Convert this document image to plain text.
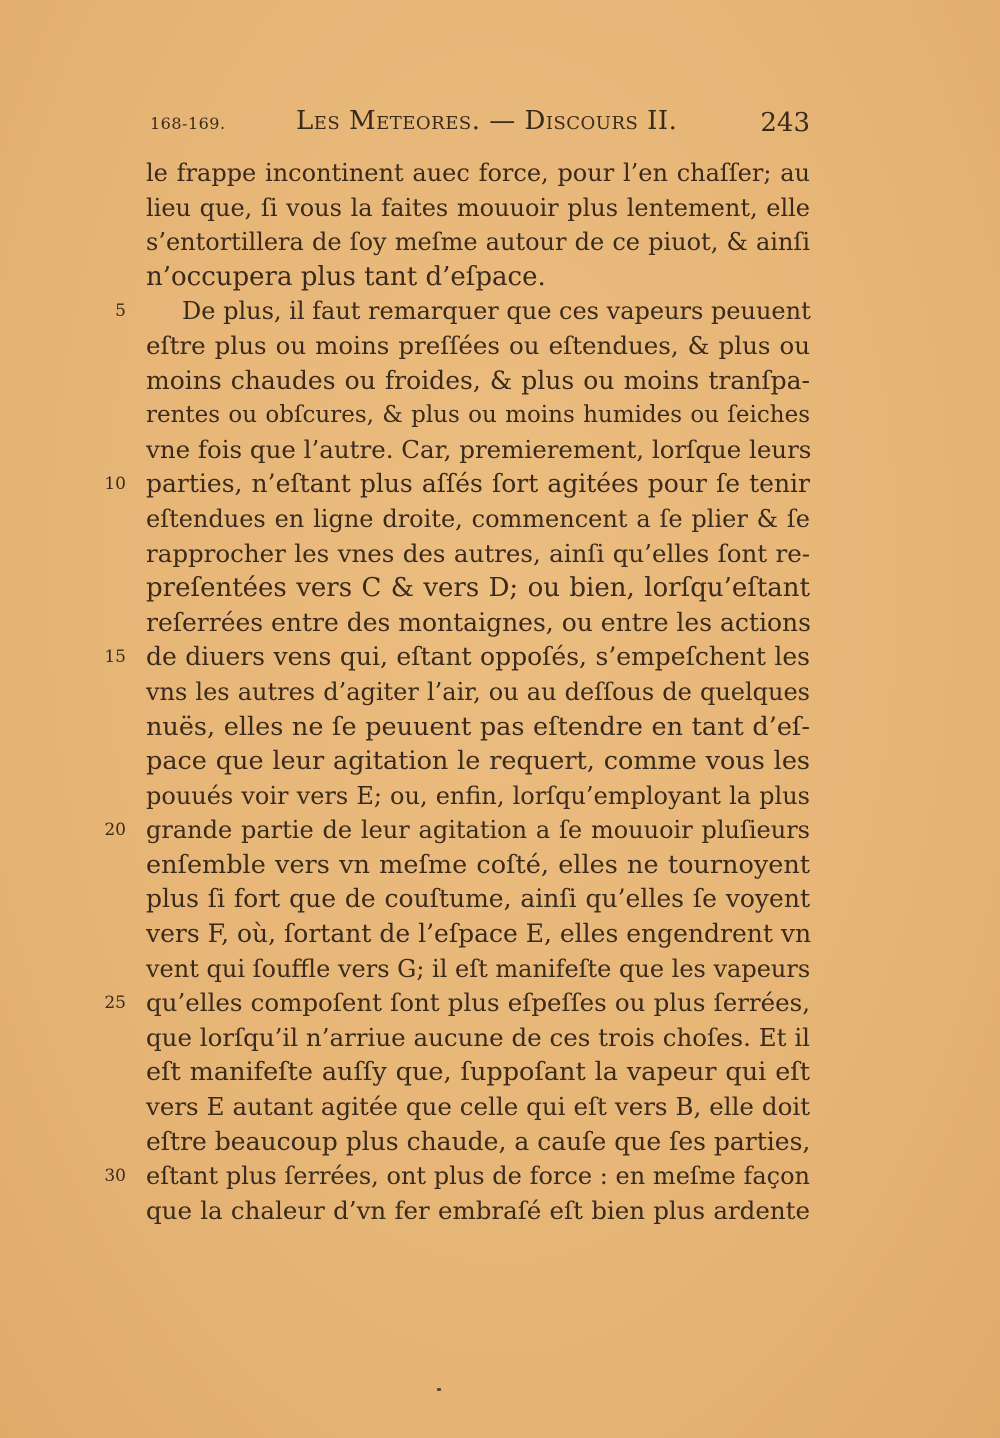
168-169.	Les Meteores. — Discours II.	243
5
10
15
20
25
30
le frappe incontinent auec force, pour l’en chaſſer; au
lieu que, ſi vous la faites mouuoir plus lentement, elle
s’entortillera de ſoy meſme autour de ce piuot, & ainſi
n’occupera plus tant d’eſpace.
De plus, il faut remarquer que ces vapeurs peuuent
eſtre plus ou moins preſſées ou eſtendues, & plus ou
moins chaudes ou froides, & plus ou moins tranſpa-
rentes ou obſcures, & plus ou moins humides ou ſeiches
vne fois que l’autre. Car, premierement, lorſque leurs
parties, n’eſtant plus aſſés ſort agitées pour ſe tenir
eſtendues en ligne droite, commencent a ſe plier & ſe
rapprocher les vnes des autres, ainſi qu’elles ſont re-
preſentées vers C & vers D; ou bien, lorſqu’eſtant
reſerrées entre des montaignes, ou entre les actions
de diuers vens qui, eſtant oppoſés, s’empeſchent les
vns les autres d’agiter l’air, ou au deſſous de quelques
nuës, elles ne ſe peuuent pas eſtendre en tant d’eſ-
pace que leur agitation le requert, comme vous les
pouués voir vers E; ou, enfin, lorſqu’employant la plus
grande partie de leur agitation a ſe mouuoir pluſieurs
enſemble vers vn meſme coſté, elles ne tournoyent
plus ſi fort que de couſtume, ainſi qu’elles ſe voyent
vers F, où, ſortant de l’eſpace E, elles engendrent vn
vent qui ſouffle vers G; il eſt manifeſte que les vapeurs
qu’elles compoſent ſont plus eſpeſſes ou plus ſerrées,
que lorſqu’il n’arriue aucune de ces trois choſes. Et il
eſt manifeſte auſſy que, ſuppoſant la vapeur qui eſt
vers E autant agitée que celle qui eſt vers B, elle doit
eſtre beaucoup plus chaude, a cauſe que ſes parties,
eſtant plus ſerrées, ont plus de force : en meſme façon
que la chaleur d’vn fer embraſé eſt bien plus ardente
